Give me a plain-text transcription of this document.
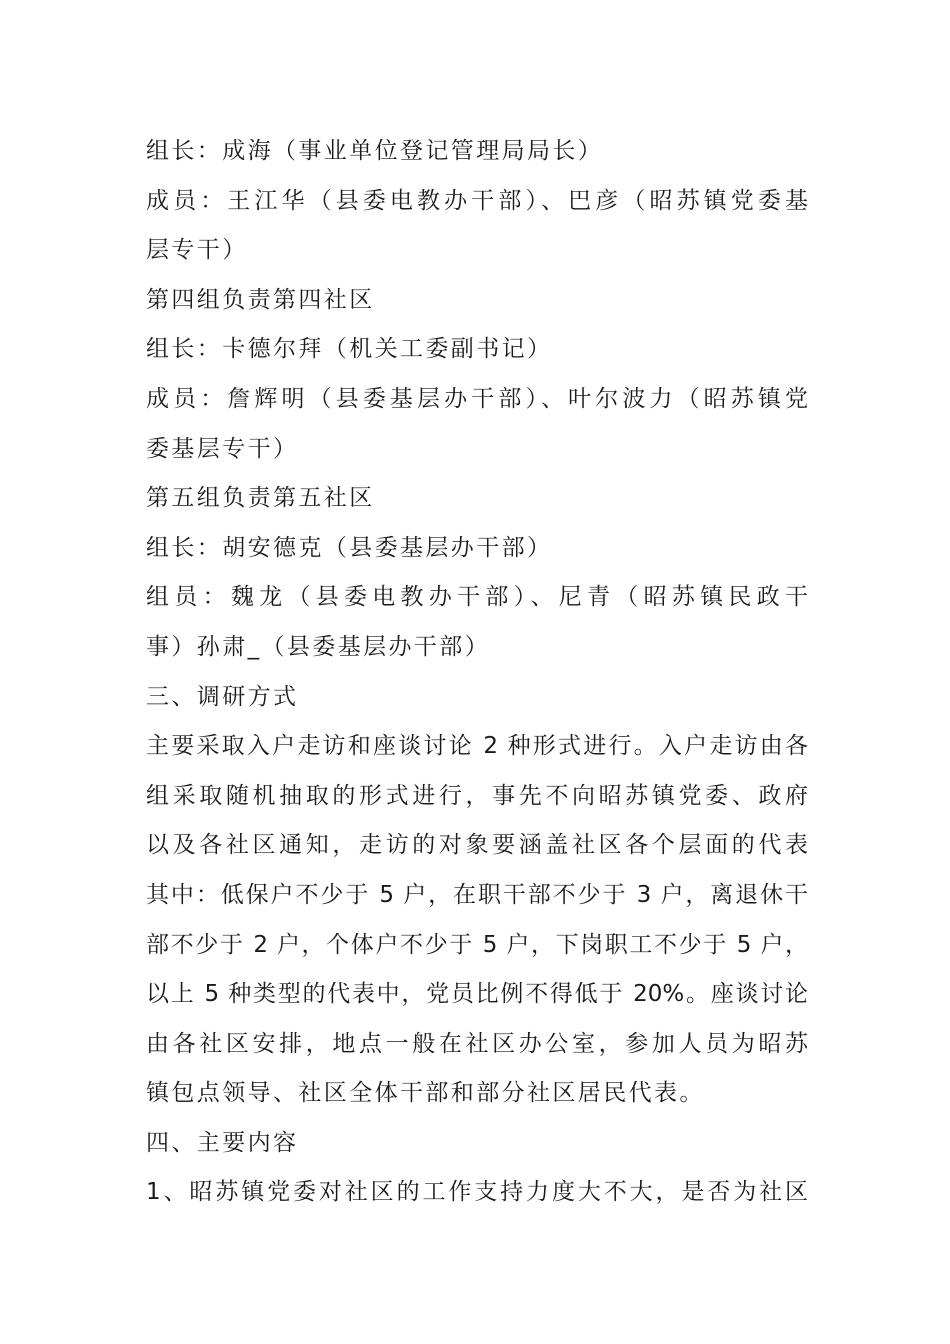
组长：成海（事业单位登记管理局局长）
成员：王江华（县委电教办干部）、巴彦（昭苏镇党委基
层专干）
第四组负责第四社区
组长：卡德尔拜（机关工委副书记）
成员：詹辉明（县委基层办干部）、叶尔波力（昭苏镇党
委基层专干）
第五组负责第五社区
组长：胡安德克（县委基层办干部）
组员：魏龙（县委电教办干部）、尼青（昭苏镇民政干
事）孙肃_（县委基层办干部）
三、调研方式
主要采取入户走访和座谈讨论 2 种形式进行。入户走访由各
组采取随机抽取的形式进行，事先不向昭苏镇党委、政府
以及各社区通知，走访的对象要涵盖社区各个层面的代表
其中：低保户不少于 5 户，在职干部不少于 3 户，离退休干
部不少于 2 户，个体户不少于 5 户，下岗职工不少于 5 户，
以上 5 种类型的代表中，党员比例不得低于 20%。座谈讨论
由各社区安排，地点一般在社区办公室，参加人员为昭苏
镇包点领导、社区全体干部和部分社区居民代表。
四、主要内容
1、昭苏镇党委对社区的工作支持力度大不大，是否为社区
